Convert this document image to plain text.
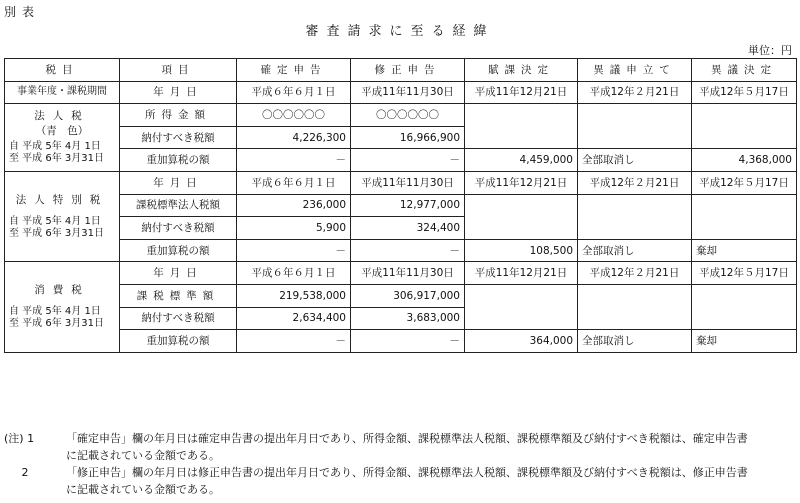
別表
審査請求に至る経緯
単位：円
税目	項目	確定申告	修正申告	賦課決定	異議申立て	異議決定
事業年度・課税期間	年月日	平成６年６月１日	平成11年11月30日	平成11年12月21日	平成12年２月21日	平成12年５月17日

法人税
（青　色）
自 平成 5年 4月 1日
至 平成 6年 3月31日	所得金額	〇〇〇〇〇〇	〇〇〇〇〇〇			
	納付すべき税額	4,226,300	16,966,900			
	重加算税の額	－	－	4,459,000	全部取消し	4,368,000

法人特別税
自 平成 5年 4月 1日
至 平成 6年 3月31日	年月日	平成６年６月１日	平成11年11月30日	平成11年12月21日	平成12年２月21日	平成12年５月17日
	課税標準法人税額	236,000	12,977,000			
	納付すべき税額	5,900	324,400			
	重加算税の額	－	－	108,500	全部取消し	棄却

消費税
自 平成 5年 4月 1日
至 平成 6年 3月31日	年月日	平成６年６月１日	平成11年11月30日	平成11年12月21日	平成12年２月21日	平成12年５月17日
	課税標準額	219,538,000	306,917,000			
	納付すべき税額	2,634,400	3,683,000			
	重加算税の額	－	－	364,000	全部取消し	棄却
(注) 1	「確定申告」欄の年月日は確定申告書の提出年月日であり、所得金額、課税標準法人税額、課税標準額及び納付すべき税額は、確定申告書
に記載されている金額である。
2	「修正申告」欄の年月日は修正申告書の提出年月日であり、所得金額、課税標準法人税額、課税標準額及び納付すべき税額は、修正申告書
に記載されている金額である。
